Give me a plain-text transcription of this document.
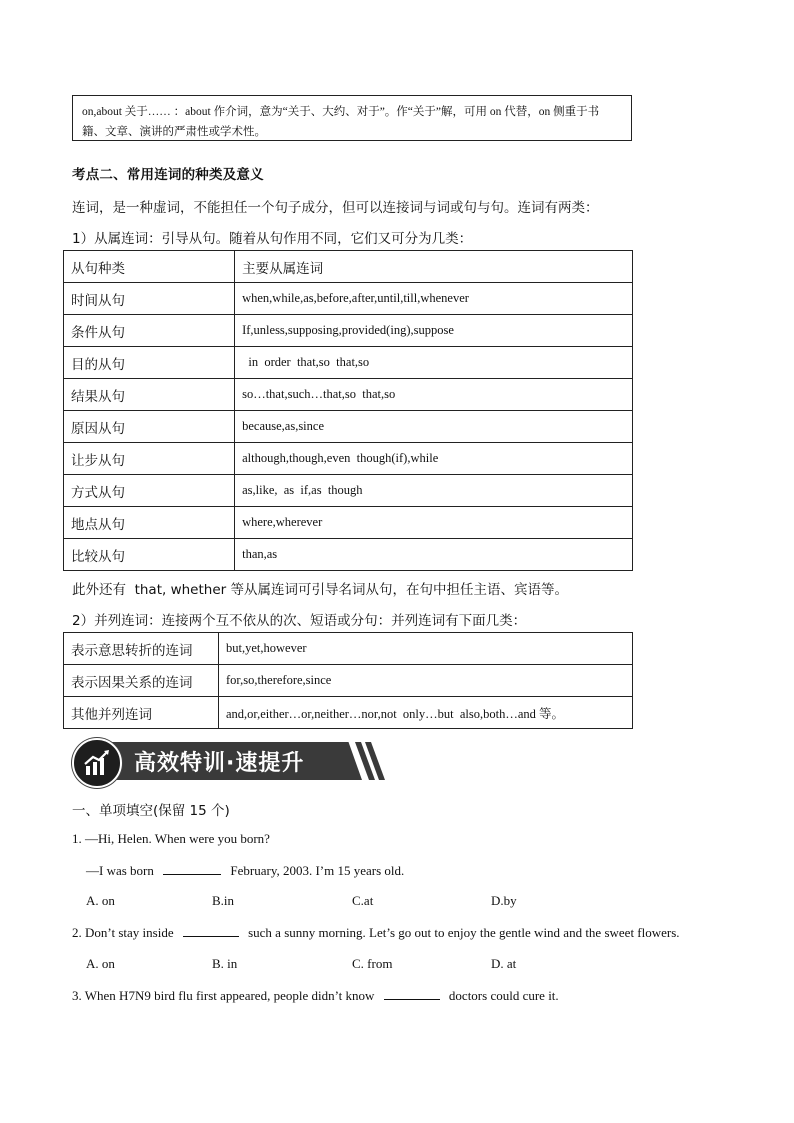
on,about 关于…… ：about 作介词，意为“关于、大约、对于”。作“关于”解，可用 on 代替，on 侧重于书籍、文章、演讲的严肃性或学术性。
考点二、常用连词的种类及意义
连词，是一种虚词，不能担任一个句子成分，但可以连接词与词或句与句。连词有两类：
1）从属连词：引导从句。随着从句作用不同，它们又可分为几类：
从句种类	主要从属连词
时间从句	when,while,as,before,after,until,till,whenever
条件从句	If,unless,supposing,provided(ing),suppose
目的从句	in  order  that,so  that,so
结果从句	so…that,such…that,so  that,so
原因从句	because,as,since
让步从句	although,though,even  though(if),while
方式从句	as,like,  as  if,as  though
地点从句	where,wherever
比较从句	than,as
此外还有  that, whether 等从属连词可引导名词从句，在句中担任主语、宾语等。
2）并列连词：连接两个互不依从的次、短语或分句：并列连词有下面几类：
表示意思转折的连词	but,yet,however
表示因果关系的连词	for,so,therefore,since
其他并列连词	and,or,either…or,neither…nor,not  only…but  also,both…and 等。
高效特训·速提升
一、单项填空(保留 15 个)
1. —Hi, Helen. When were you born?
—I was born	February, 2003. I’m 15 years old.
A. on	B.in	C.at	D.by
2. Don’t stay inside	such a sunny morning. Let’s go out to enjoy the gentle wind and the sweet flowers.
A. on	B. in	C. from	D. at
3. When H7N9 bird flu first appeared, people didn’t know	doctors could cure it.
